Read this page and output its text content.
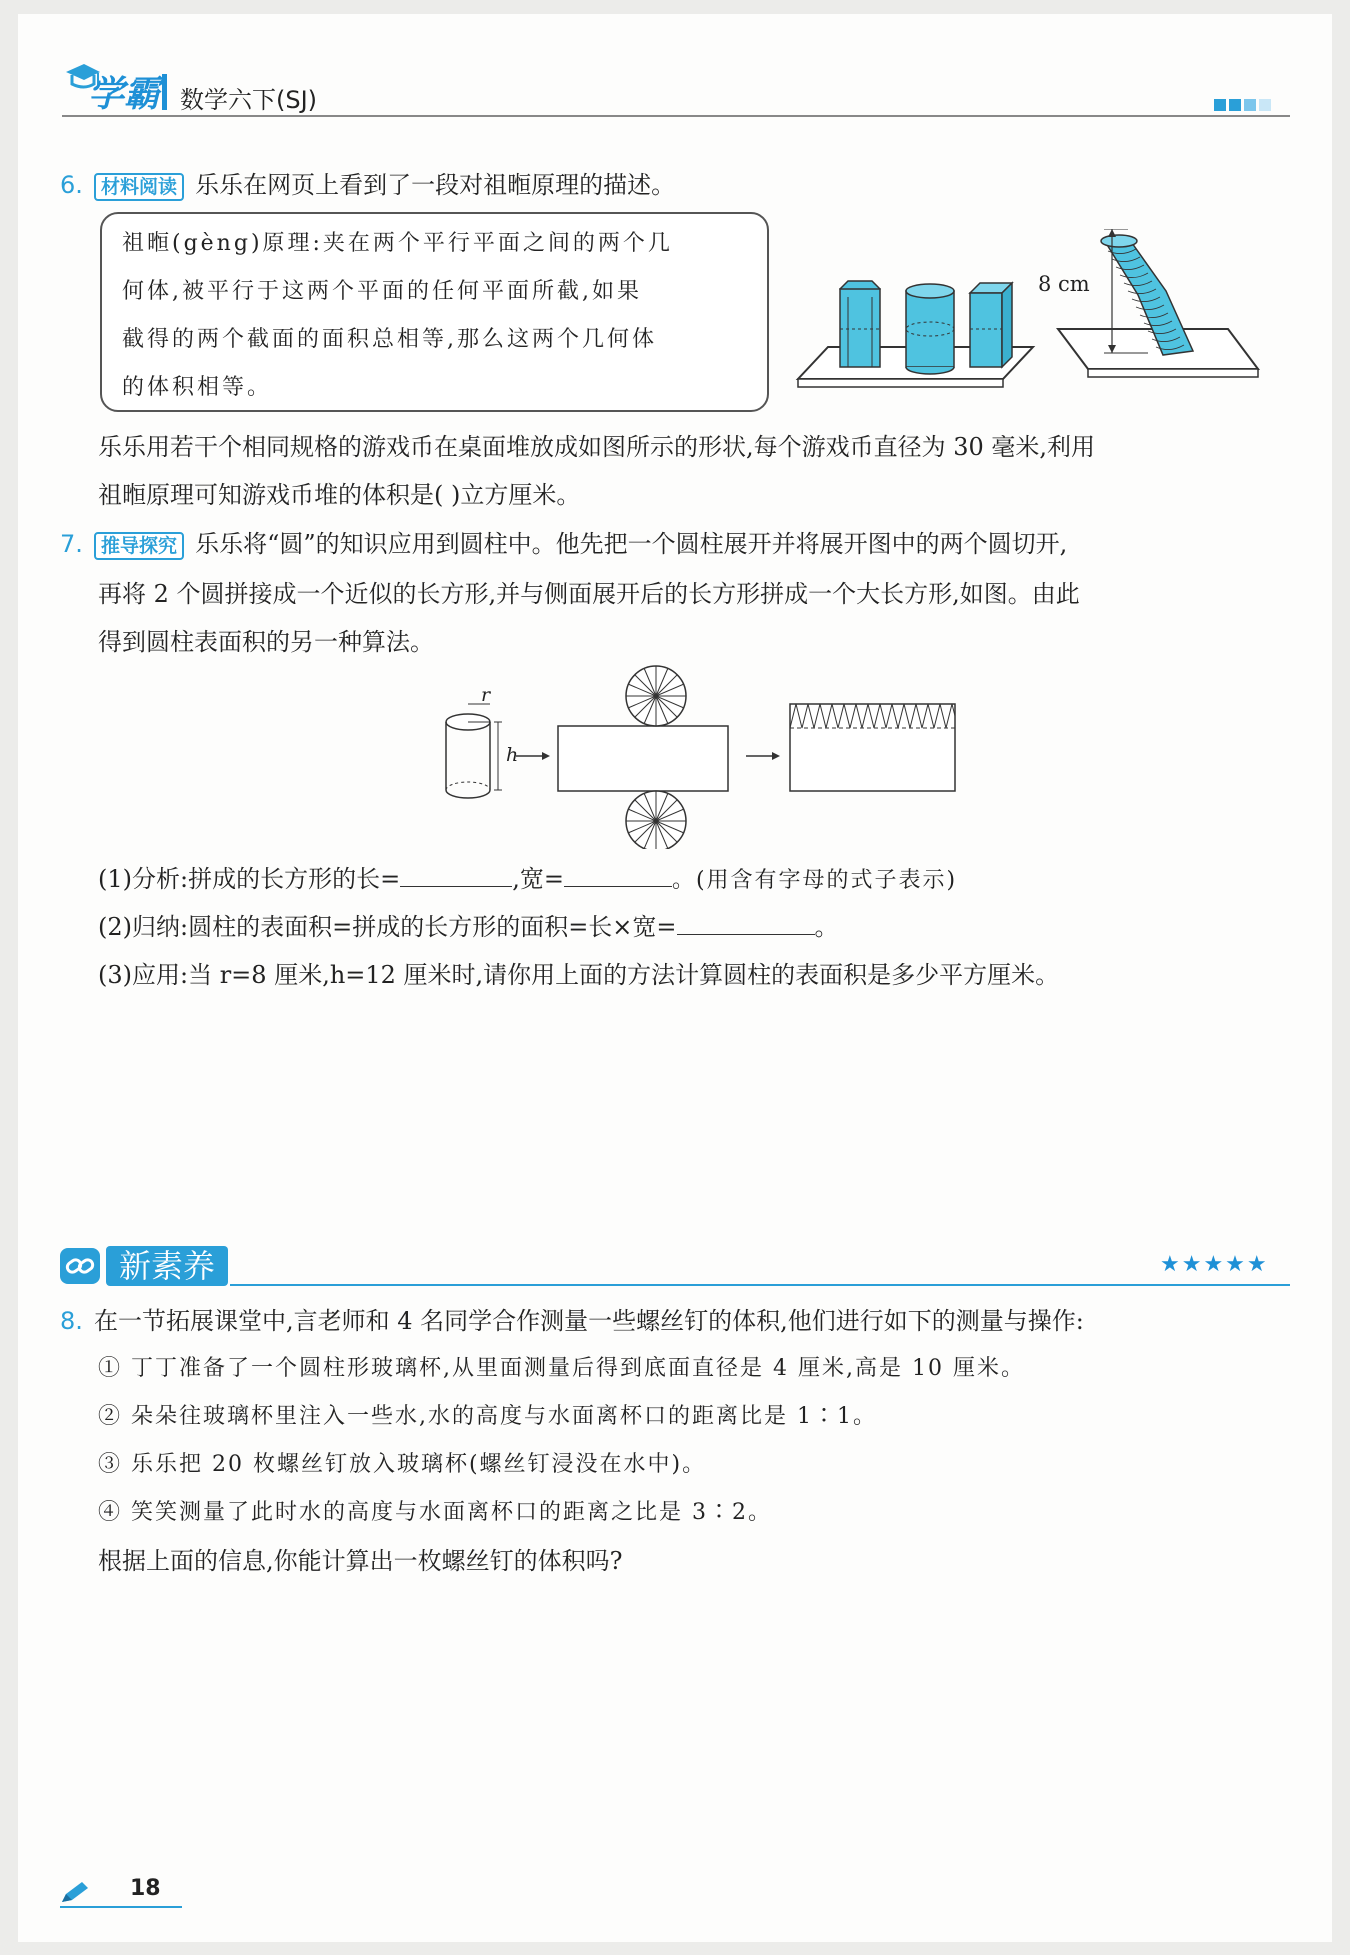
学霸 数学六下(SJ)
6. 材料阅读 乐乐在网页上看到了一段对祖暅原理的描述。
祖暅(gèng)原理:夹在两个平行平面之间的两个几
何体,被平行于这两个平面的任何平面所截,如果
截得的两个截面的面积总相等,那么这两个几何体
的体积相等。
8 cm
乐乐用若干个相同规格的游戏币在桌面堆放成如图所示的形状,每个游戏币直径为 30 毫米,利用
祖暅原理可知游戏币堆的体积是( )立方厘米。
7. 推导探究 乐乐将“圆”的知识应用到圆柱中。他先把一个圆柱展开并将展开图中的两个圆切开,
再将 2 个圆拼接成一个近似的长方形,并与侧面展开后的长方形拼成一个大长方形,如图。由此
得到圆柱表面积的另一种算法。
r
h
(1)分析:拼成的长方形的长=	,宽=	。(用含有字母的式子表示)
(2)归纳:圆柱的表面积=拼成的长方形的面积=长×宽=	。
(3)应用:当 r=8 厘米,h=12 厘米时,请你用上面的方法计算圆柱的表面积是多少平方厘米。
新素养	★★★★★
8. 在一节拓展课堂中,言老师和 4 名同学合作测量一些螺丝钉的体积,他们进行如下的测量与操作:
① 丁丁准备了一个圆柱形玻璃杯,从里面测量后得到底面直径是 4 厘米,高是 10 厘米。
② 朵朵往玻璃杯里注入一些水,水的高度与水面离杯口的距离比是 1∶1。
③ 乐乐把 20 枚螺丝钉放入玻璃杯(螺丝钉浸没在水中)。
④ 笑笑测量了此时水的高度与水面离杯口的距离之比是 3∶2。
根据上面的信息,你能计算出一枚螺丝钉的体积吗?
18
